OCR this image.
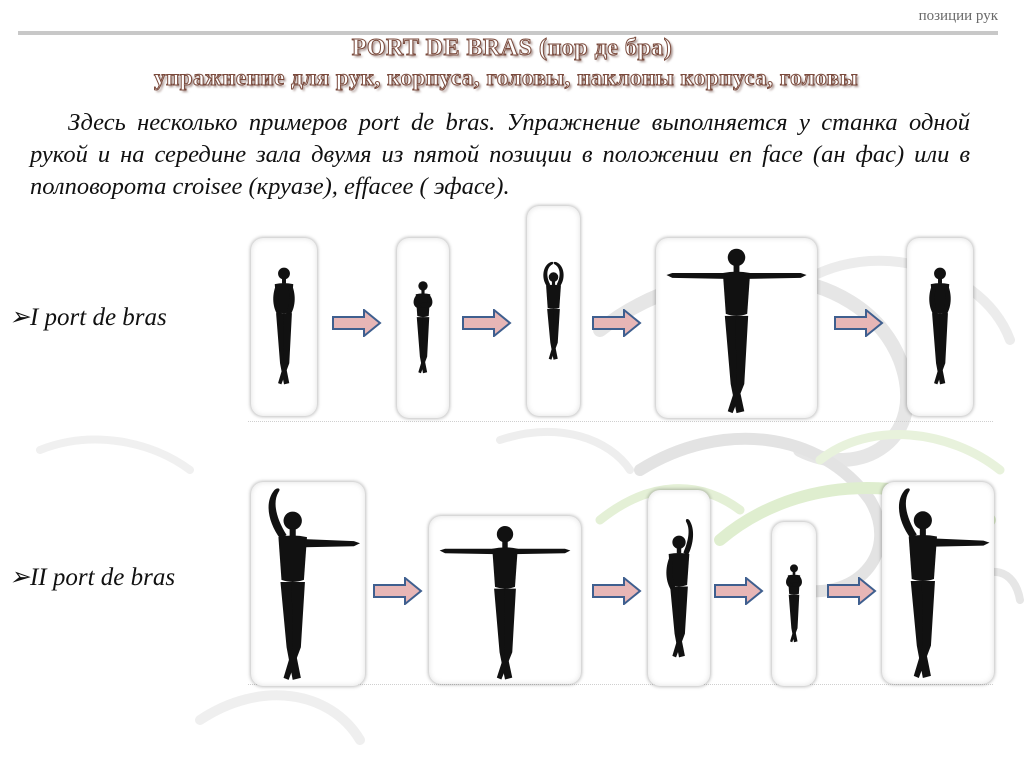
позиции рук
PORT DE BRAS (пор де бра)
упражнение для рук, корпуса, головы, наклоны корпуса, головы
Здесь несколько примеров port de bras. Упражнение выполняется у станка одной рукой и на середине зала двумя из пятой позиции в положении en face (ан фас) или в полповорота croisee (круазе), effacee ( эфасе).
➢I port de bras
➢II port de bras
